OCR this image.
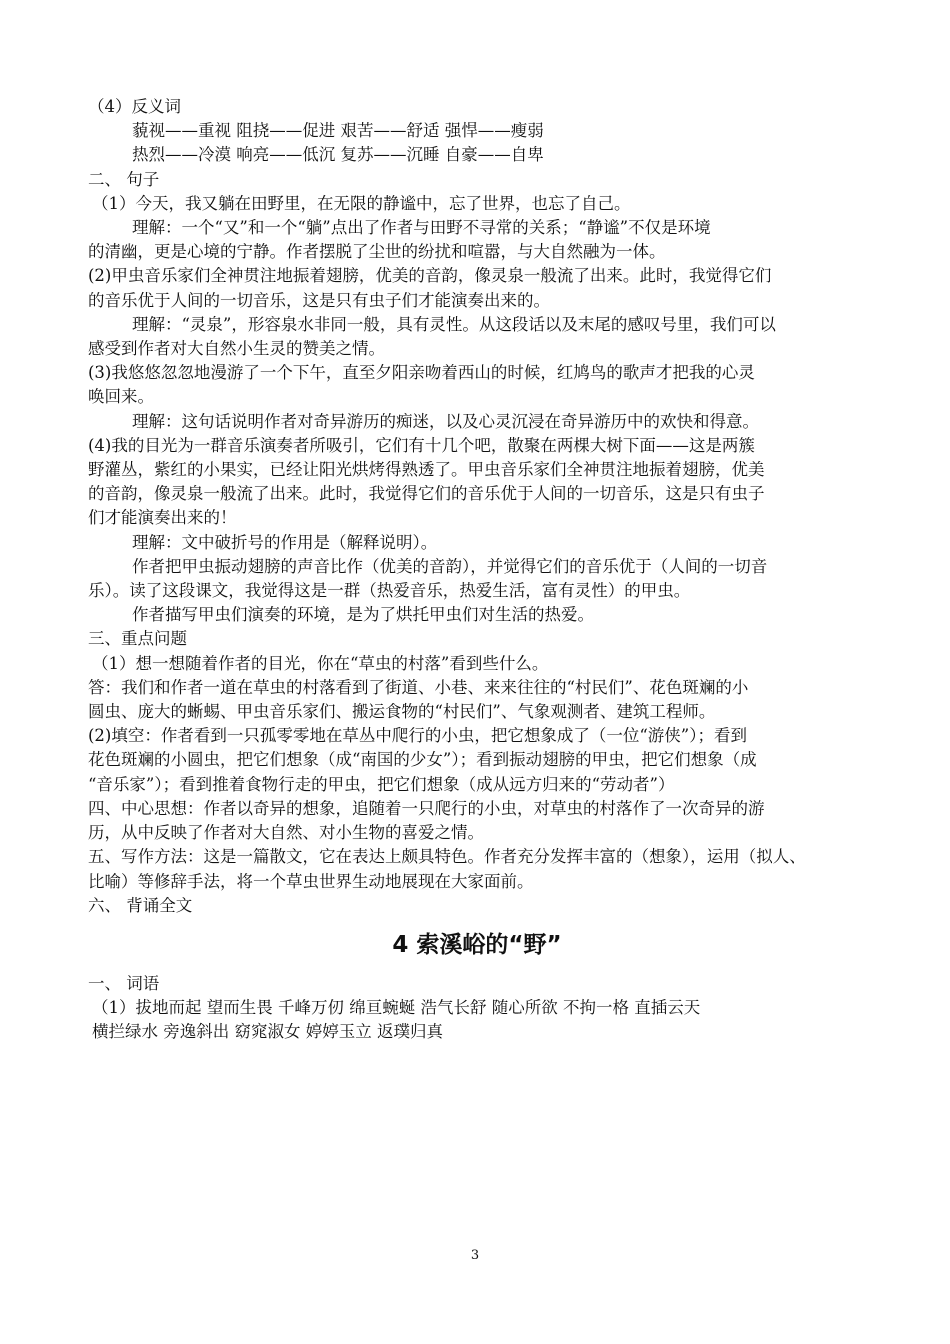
（4）反义词

藐视——重视 阻挠——促进 艰苦——舒适 强悍——瘦弱

热烈——冷漠 响亮——低沉 复苏——沉睡 自豪——自卑

二、 句子

（1）今天，我又躺在田野里，在无限的静谧中，忘了世界，也忘了自己。

理解：一个“又”和一个“躺”点出了作者与田野不寻常的关系；“静谧”不仅是环境

的清幽，更是心境的宁静。作者摆脱了尘世的纷扰和喧嚣，与大自然融为一体。

(2)甲虫音乐家们全神贯注地振着翅膀，优美的音韵，像灵泉一般流了出来。此时，我觉得它们

的音乐优于人间的一切音乐，这是只有虫子们才能演奏出来的。

理解：“灵泉”，形容泉水非同一般，具有灵性。从这段话以及末尾的感叹号里，我们可以

感受到作者对大自然小生灵的赞美之情。

(3)我悠悠忽忽地漫游了一个下午，直至夕阳亲吻着西山的时候，红鸠鸟的歌声才把我的心灵

唤回来。

理解：这句话说明作者对奇异游历的痴迷，以及心灵沉浸在奇异游历中的欢快和得意。

(4)我的目光为一群音乐演奏者所吸引，它们有十几个吧，散聚在两棵大树下面——这是两簇

野灌丛，紫红的小果实，已经让阳光烘烤得熟透了。甲虫音乐家们全神贯注地振着翅膀，优美

的音韵，像灵泉一般流了出来。此时，我觉得它们的音乐优于人间的一切音乐，这是只有虫子

们才能演奏出来的！

理解：文中破折号的作用是（解释说明）。

作者把甲虫振动翅膀的声音比作（优美的音韵），并觉得它们的音乐优于（人间的一切音

乐）。读了这段课文，我觉得这是一群（热爱音乐，热爱生活，富有灵性）的甲虫。

作者描写甲虫们演奏的环境，是为了烘托甲虫们对生活的热爱。

三、重点问题

（1）想一想随着作者的目光，你在“草虫的村落”看到些什么。

答：我们和作者一道在草虫的村落看到了街道、小巷、来来往往的“村民们”、花色斑斓的小

圆虫、庞大的蜥蜴、甲虫音乐家们、搬运食物的“村民们”、气象观测者、建筑工程师。

(2)填空：作者看到一只孤零零地在草丛中爬行的小虫，把它想象成了（一位“游侠”）；看到

花色斑斓的小圆虫，把它们想象（成“南国的少女”）；看到振动翅膀的甲虫，把它们想象（成

“音乐家”）；看到推着食物行走的甲虫，把它们想象（成从远方归来的“劳动者”）

四、中心思想：作者以奇异的想象，追随着一只爬行的小虫，对草虫的村落作了一次奇异的游

历，从中反映了作者对大自然、对小生物的喜爱之情。

五、写作方法：这是一篇散文，它在表达上颇具特色。作者充分发挥丰富的（想象），运用（拟人、

比喻）等修辞手法，将一个草虫世界生动地展现在大家面前。

六、 背诵全文

4 索溪峪的“野”

一、 词语

（1）拔地而起 望而生畏 千峰万仞 绵亘蜿蜒 浩气长舒 随心所欲 不拘一格 直插云天

横拦绿水 旁逸斜出 窈窕淑女 婷婷玉立 返璞归真

3
